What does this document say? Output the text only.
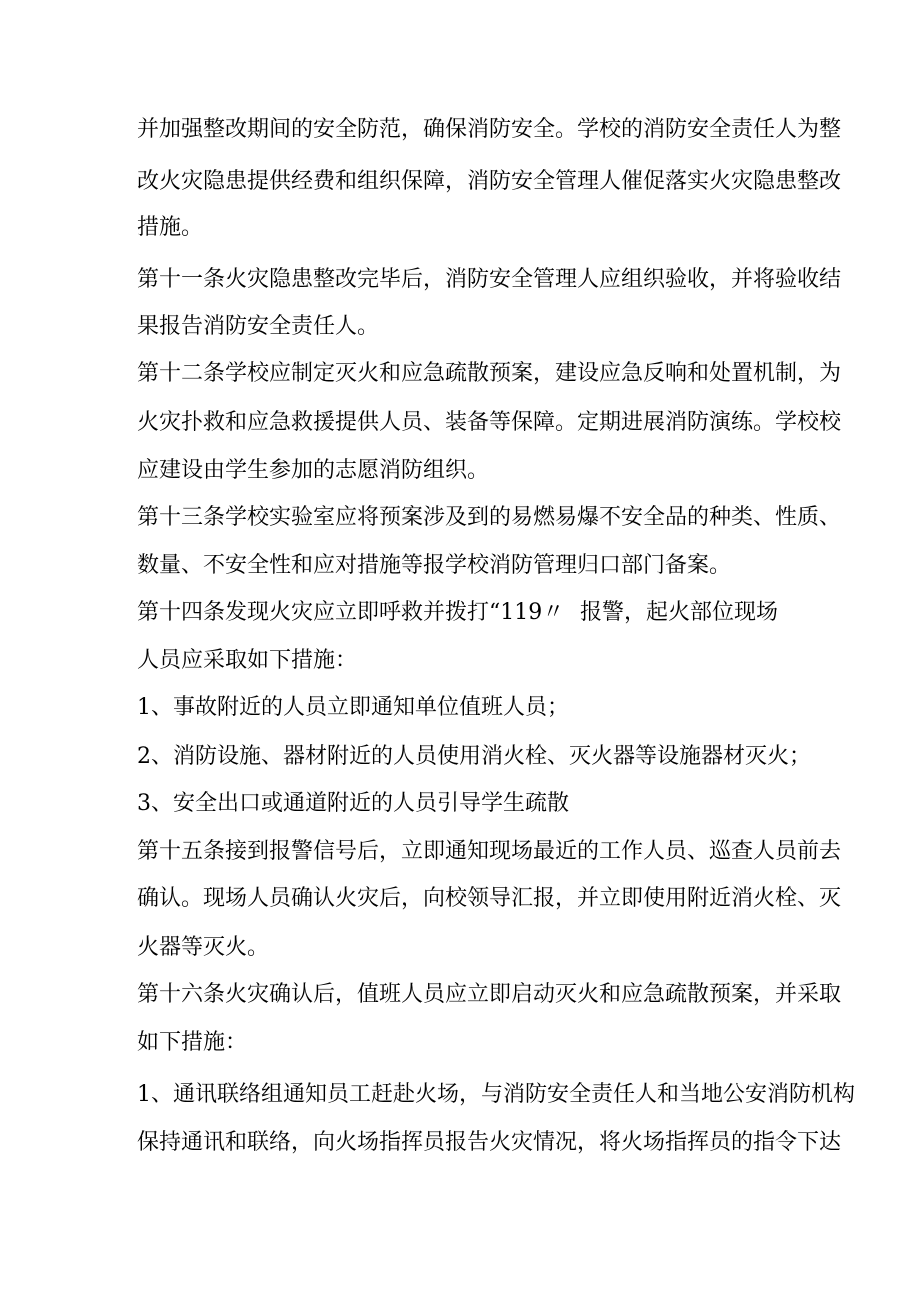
并加强整改期间的安全防范，确保消防安全。学校的消防安全责任人为整
改火灾隐患提供经费和组织保障，消防安全管理人催促落实火灾隐患整改
措施。
第十一条火灾隐患整改完毕后，消防安全管理人应组织验收，并将验收结
果报告消防安全责任人。
第十二条学校应制定灭火和应急疏散预案，建设应急反响和处置机制，为
火灾扑救和应急救援提供人员、装备等保障。定期进展消防演练。学校校
应建设由学生参加的志愿消防组织。
第十三条学校实验室应将预案涉及到的易燃易爆不安全品的种类、性质、
数量、不安全性和应对措施等报学校消防管理归口部门备案。
第十四条发现火灾应立即呼救并拨打“119〃 报警，起火部位现场
人员应采取如下措施：
1、事故附近的人员立即通知单位值班人员；
2、消防设施、器材附近的人员使用消火栓、灭火器等设施器材灭火；
3、安全出口或通道附近的人员引导学生疏散
第十五条接到报警信号后，立即通知现场最近的工作人员、巡查人员前去
确认。现场人员确认火灾后，向校领导汇报，并立即使用附近消火栓、灭
火器等灭火。
第十六条火灾确认后，值班人员应立即启动灭火和应急疏散预案，并采取
如下措施：
1、通讯联络组通知员工赶赴火场，与消防安全责任人和当地公安消防机构
保持通讯和联络，向火场指挥员报告火灾情况，将火场指挥员的指令下达
